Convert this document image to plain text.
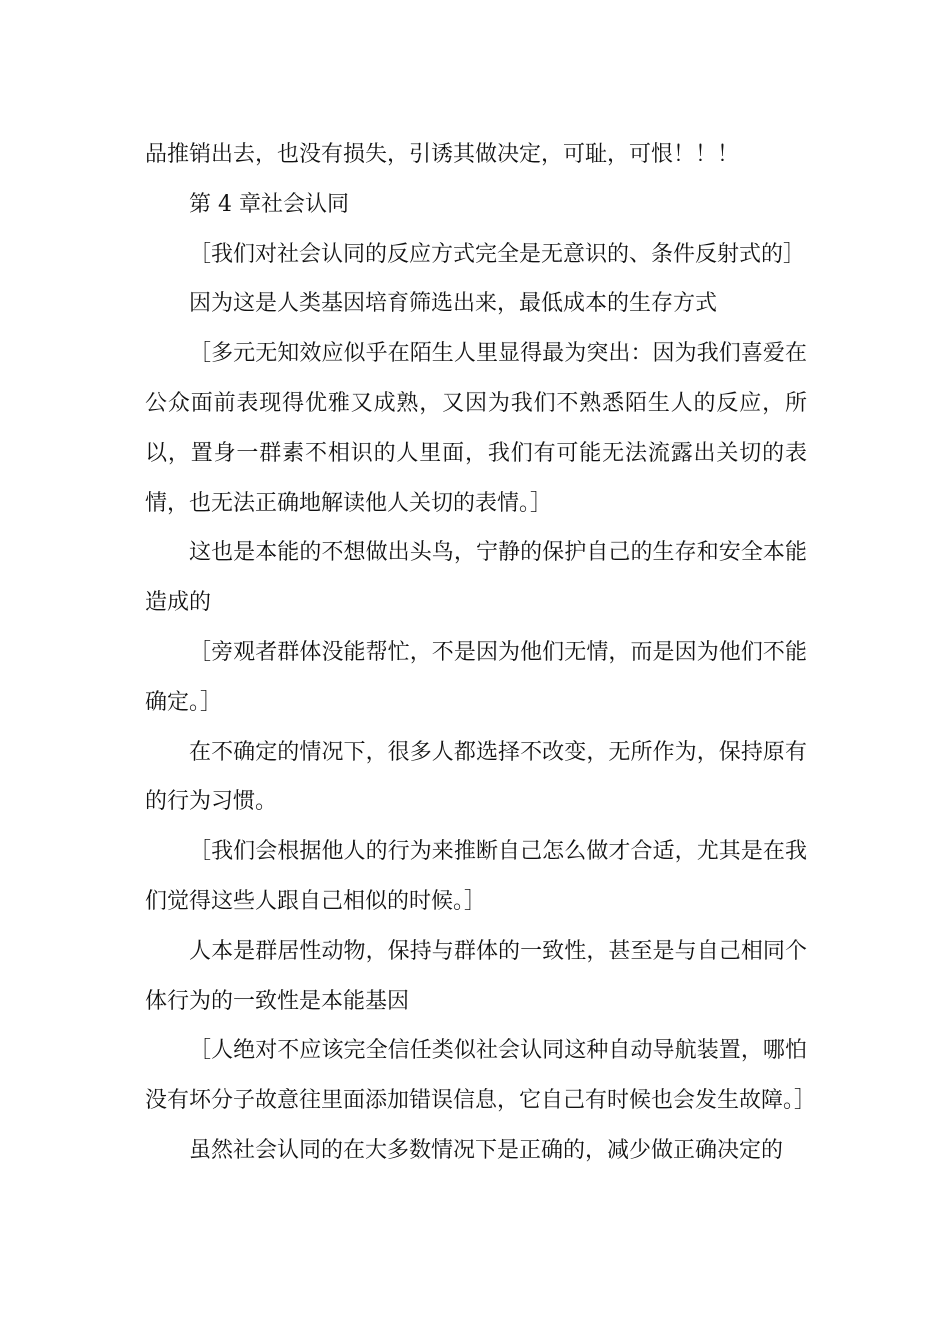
品推销出去，也没有损失，引诱其做决定，可耻，可恨！！！

第 4 章社会认同

［我们对社会认同的反应方式完全是无意识的、条件反射式的］

因为这是人类基因培育筛选出来，最低成本的生存方式

［多元无知效应似乎在陌生人里显得最为突出：因为我们喜爱在公众面前表现得优雅又成熟，又因为我们不熟悉陌生人的反应，所以，置身一群素不相识的人里面，我们有可能无法流露出关切的表情，也无法正确地解读他人关切的表情。］

这也是本能的不想做出头鸟，宁静的保护自己的生存和安全本能造成的

［旁观者群体没能帮忙，不是因为他们无情，而是因为他们不能确定。］

在不确定的情况下，很多人都选择不改变，无所作为，保持原有的行为习惯。

［我们会根据他人的行为来推断自己怎么做才合适，尤其是在我们觉得这些人跟自己相似的时候。］

人本是群居性动物，保持与群体的一致性，甚至是与自己相同个体行为的一致性是本能基因

［人绝对不应该完全信任类似社会认同这种自动导航装置，哪怕没有坏分子故意往里面添加错误信息，它自己有时候也会发生故障。］

虽然社会认同的在大多数情况下是正确的，减少做正确决定的
